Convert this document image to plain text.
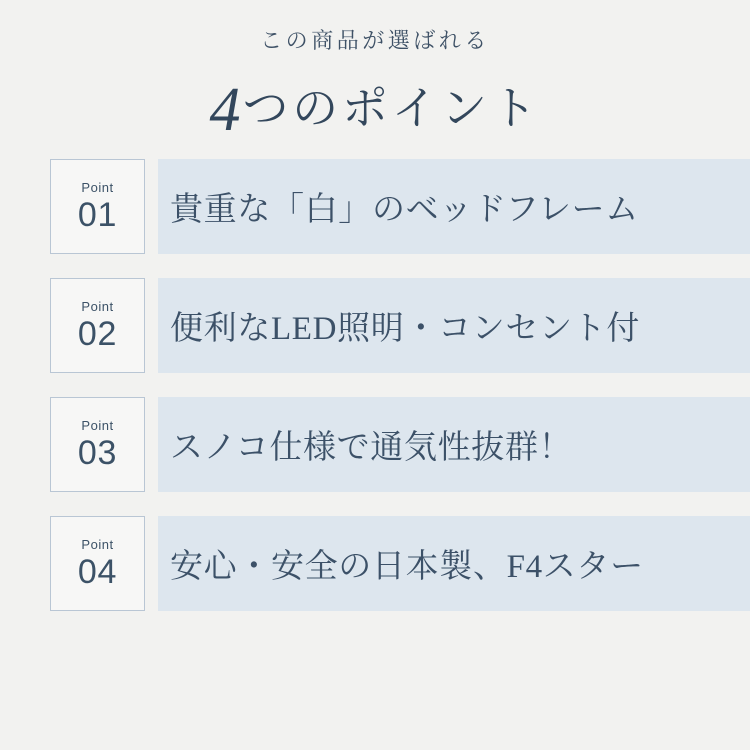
この商品が選ばれる
4つのポイント
Point
01 貴重な「白」のベッドフレーム
Point
02 便利なLED照明・コンセント付
Point
03 スノコ仕様で通気性抜群！
Point
04 安心・安全の日本製、F4スター
